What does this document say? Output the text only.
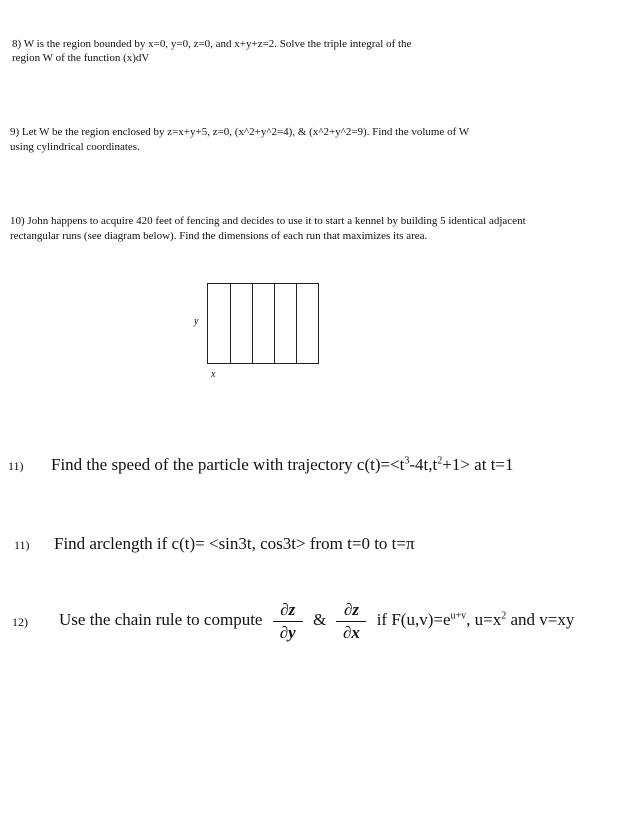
8) W is the region bounded by x=0, y=0, z=0, and x+y+z=2. Solve the triple integral of the
region W of the function (x)dV
9) Let W be the region enclosed by z=x+y+5, z=0, (x^2+y^2=4), & (x^2+y^2=9). Find the volume of W
using cylindrical coordinates.
10) John happens to acquire 420 feet of fencing and decides to use it to start a kennel by building 5 identical adjacent
rectangular runs (see diagram below). Find the dimensions of each run that maximizes its area.
y
x
11) Find the speed of the particle with trajectory $c(t)=<t^3-4t,t^2+1>$ at t=1
11) Find arclength if c(t)= <sin3t, cos3t> from t=0 to t=π
12) Use the chain rule to compute $\frac{\partial z}{\partial y}$ & $\frac{\partial z}{\partial x}$ if $F(u,v)=e^{u+v}$, $u=x^2$ and v=xy
